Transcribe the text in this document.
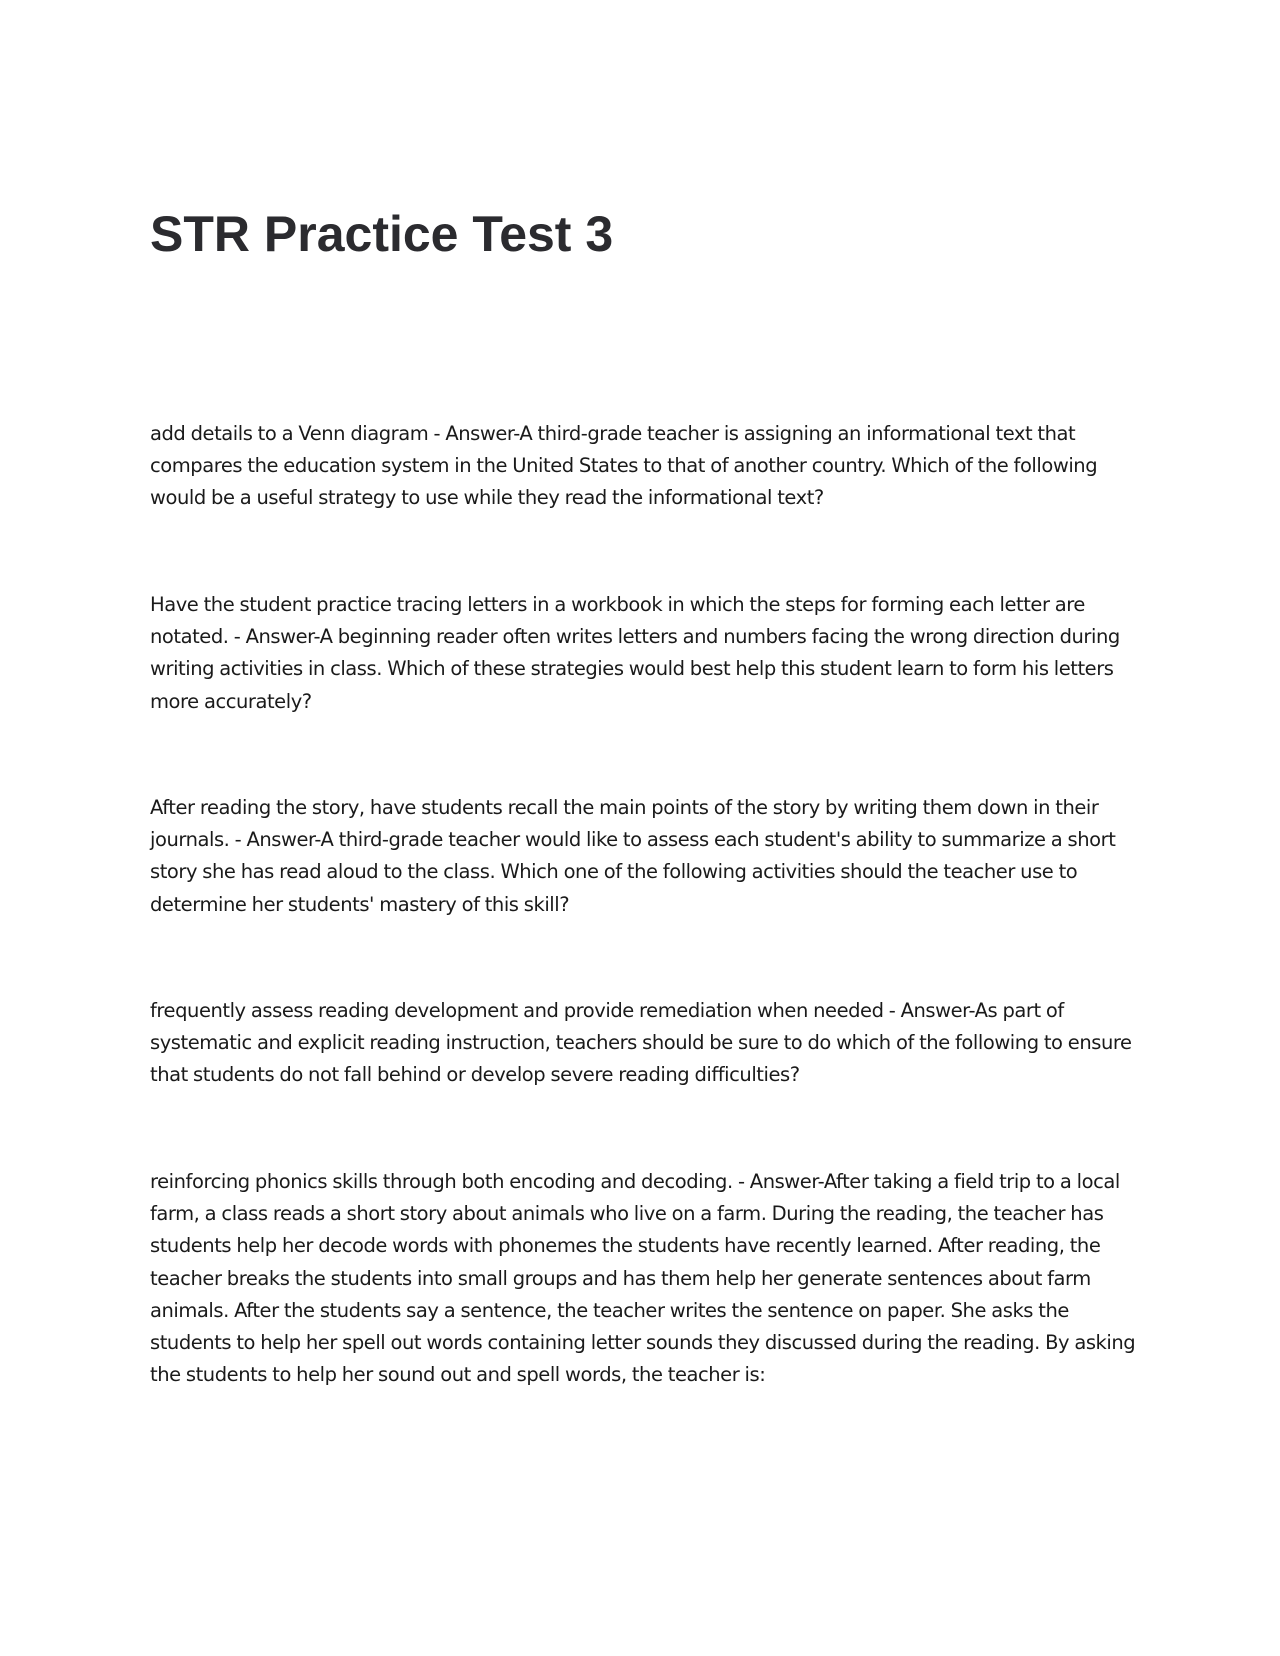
STR Practice Test 3

add details to a Venn diagram - Answer-A third-grade teacher is assigning an informational text that compares the education system in the United States to that of another country. Which of the following would be a useful strategy to use while they read the informational text?

Have the student practice tracing letters in a workbook in which the steps for forming each letter are notated. - Answer-A beginning reader often writes letters and numbers facing the wrong direction during writing activities in class. Which of these strategies would best help this student learn to form his letters more accurately?

After reading the story, have students recall the main points of the story by writing them down in their journals. - Answer-A third-grade teacher would like to assess each student's ability to summarize a short story she has read aloud to the class. Which one of the following activities should the teacher use to determine her students' mastery of this skill?

frequently assess reading development and provide remediation when needed - Answer-As part of systematic and explicit reading instruction, teachers should be sure to do which of the following to ensure that students do not fall behind or develop severe reading difficulties?

reinforcing phonics skills through both encoding and decoding. - Answer-After taking a field trip to a local farm, a class reads a short story about animals who live on a farm. During the reading, the teacher has students help her decode words with phonemes the students have recently learned. After reading, the teacher breaks the students into small groups and has them help her generate sentences about farm animals. After the students say a sentence, the teacher writes the sentence on paper. She asks the students to help her spell out words containing letter sounds they discussed during the reading. By asking the students to help her sound out and spell words, the teacher is:
